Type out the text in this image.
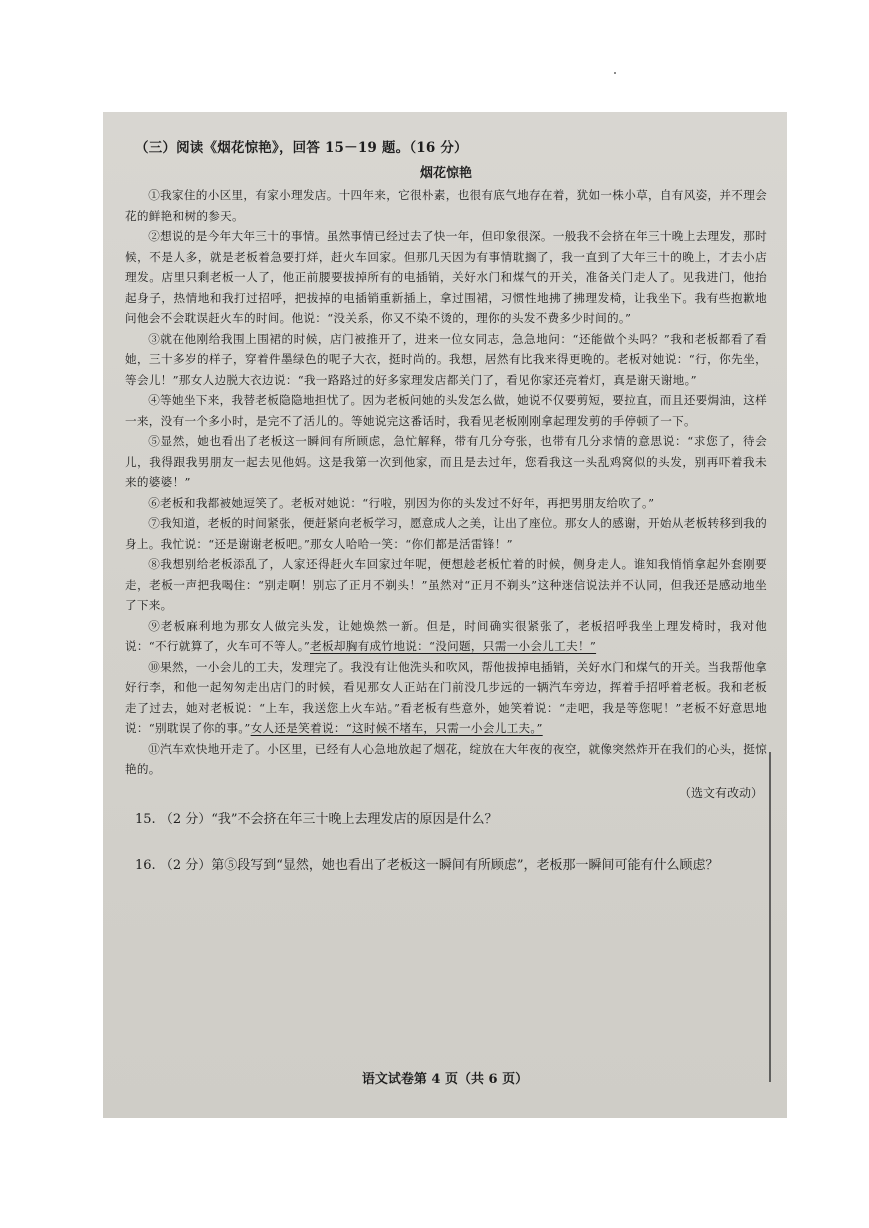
（三）阅读《烟花惊艳》，回答 15－19 题。（16 分）
烟花惊艳

①我家住的小区里，有家小理发店。十四年来，它很朴素，也很有底气地存在着，犹如一株小草，自有风姿，并不理会花的鲜艳和树的参天。

②想说的是今年大年三十的事情。虽然事情已经过去了快一年，但印象很深。一般我不会挤在年三十晚上去理发，那时候，不是人多，就是老板着急要打烊，赶火车回家。但那几天因为有事情耽搁了，我一直到了大年三十的晚上，才去小店理发。店里只剩老板一人了，他正前腰要拔掉所有的电插销，关好水门和煤气的开关，准备关门走人了。见我进门，他抬起身子，热情地和我打过招呼，把拔掉的电插销重新插上，拿过围裙，习惯性地拂了拂理发椅，让我坐下。我有些抱歉地问他会不会耽误赶火车的时间。他说：“没关系，你又不染不烫的，理你的头发不费多少时间的。”

③就在他刚给我围上围裙的时候，店门被推开了，进来一位女同志，急急地问：“还能做个头吗？”我和老板都看了看她，三十多岁的样子，穿着件墨绿色的呢子大衣，挺时尚的。我想，居然有比我来得更晚的。老板对她说：“行，你先坐，等会儿！”那女人边脱大衣边说：“我一路路过的好多家理发店都关门了，看见你家还亮着灯，真是谢天谢地。”

④等她坐下来，我替老板隐隐地担忧了。因为老板问她的头发怎么做，她说不仅要剪短，要拉直，而且还要焗油，这样一来，没有一个多小时，是完不了活儿的。等她说完这番话时，我看见老板刚刚拿起理发剪的手停顿了一下。

⑤显然，她也看出了老板这一瞬间有所顾虑，急忙解释，带有几分夸张，也带有几分求情的意思说：“求您了，待会儿，我得跟我男朋友一起去见他妈。这是我第一次到他家，而且是去过年，您看我这一头乱鸡窝似的头发，别再吓着我未来的婆婆！”

⑥老板和我都被她逗笑了。老板对她说：“行啦，别因为你的头发过不好年，再把男朋友给吹了。”

⑦我知道，老板的时间紧张，便赶紧向老板学习，愿意成人之美，让出了座位。那女人的感谢，开始从老板转移到我的身上。我忙说：“还是谢谢老板吧。”那女人哈哈一笑：“你们都是活雷锋！”

⑧我想别给老板添乱了，人家还得赶火车回家过年呢，便想趁老板忙着的时候，侧身走人。谁知我悄悄拿起外套刚要走，老板一声把我喝住：“别走啊！别忘了正月不剃头！”虽然对“正月不剃头”这种迷信说法并不认同，但我还是感动地坐了下来。

⑨老板麻利地为那女人做完头发，让她焕然一新。但是，时间确实很紧张了，老板招呼我坐上理发椅时，我对他说：“不行就算了，火车可不等人。”老板却胸有成竹地说：“没问题，只需一小会儿工夫！”

⑩果然，一小会儿的工夫，发理完了。我没有让他洗头和吹风，帮他拔掉电插销，关好水门和煤气的开关。当我帮他拿好行李，和他一起匆匆走出店门的时候，看见那女人正站在门前没几步远的一辆汽车旁边，挥着手招呼着老板。我和老板走了过去，她对老板说：“上车，我送您上火车站。”看老板有些意外，她笑着说：“走吧，我是等您呢！”老板不好意思地说：“别耽误了你的事。”女人还是笑着说：“这时候不堵车，只需一小会儿工夫。”

⑪汽车欢快地开走了。小区里，已经有人心急地放起了烟花，绽放在大年夜的夜空，就像突然炸开在我们的心头，挺惊艳的。

（选文有改动）
15. （2 分）“我”不会挤在年三十晚上去理发店的原因是什么？
16. （2 分）第⑤段写到“显然，她也看出了老板这一瞬间有所顾虑”，老板那一瞬间可能有什么顾虑？
语文试卷第 4 页（共 6 页）
